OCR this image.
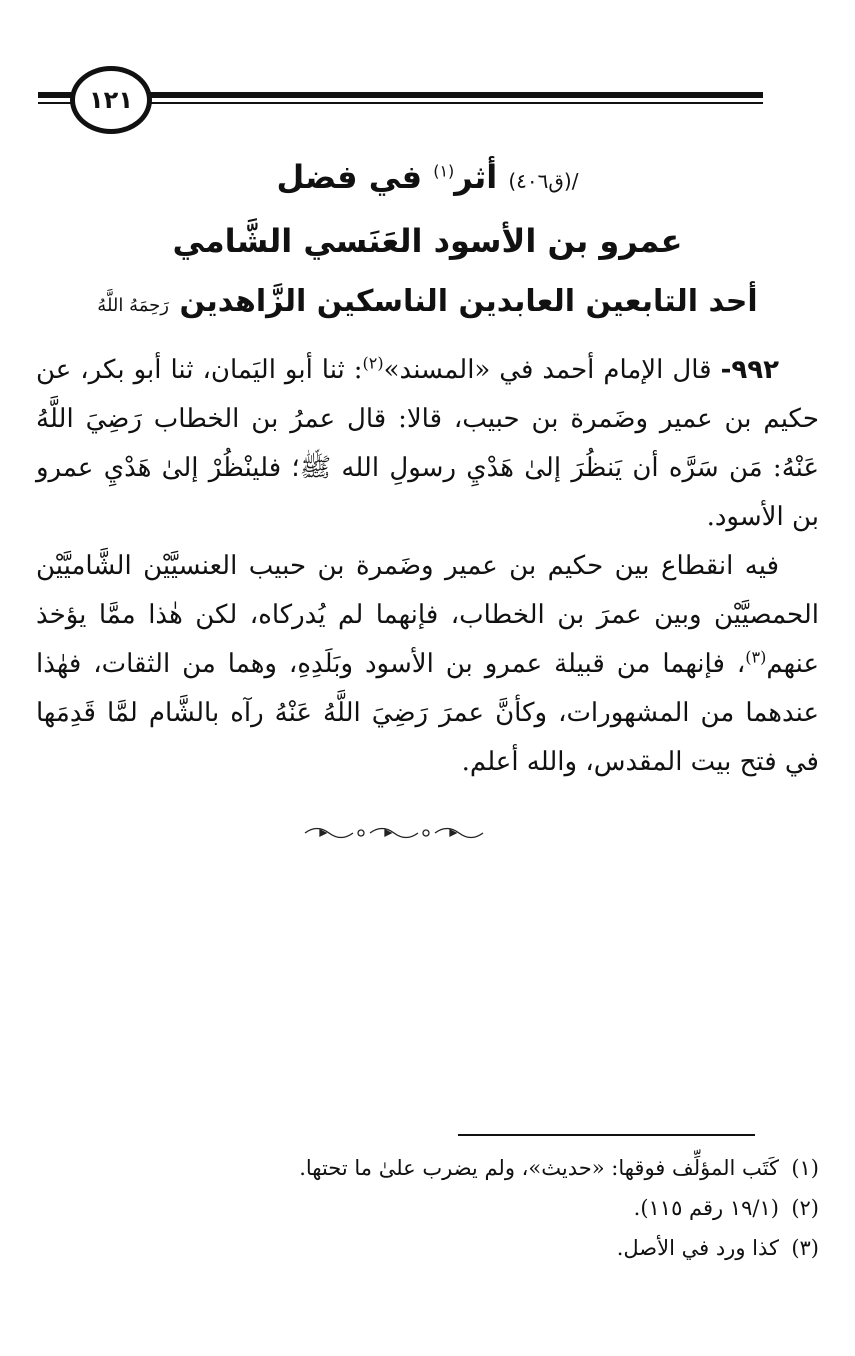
١٢١
/(ق٤٠٦) أثر$^{(١)}$ في فضل
عمرو بن الأسود العَنَسي الشَّامي
أحد التابعين العابدين الناسكين الزَّاهدين رَحِمَهُ اللَّهُ

٩٩٢- قال الإمام أحمد في «المسند»$^{(٢)}$: ثنا أبو اليَمان، ثنا أبو بكر، عن حكيم بن عمير وضَمرة بن حبيب، قالا: قال عمرُ بن الخطاب رَضِيَ اللَّهُ عَنْهُ: مَن سَرَّه أن يَنظُرَ إلىٰ هَدْيِ رسولِ الله ﷺ؛ فلينْظُرْ إلىٰ هَدْيِ عمرو بن الأسود.

فيه انقطاع بين حكيم بن عمير وضَمرة بن حبيب العنسيَّيْن الشَّاميَّيْن الحمصيَّيْن وبين عمرَ بن الخطاب، فإنهما لم يُدركاه، لكن هٰذا ممَّا يؤخذ عنهم$^{(٣)}$، فإنهما من قبيلة عمرو بن الأسود وبَلَدِهِ، وهما من الثقات، فهٰذا عندهما من المشهورات، وكأنَّ عمرَ رَضِيَ اللَّهُ عَنْهُ رآه بالشَّام لمَّا قَدِمَها في فتح بيت المقدس، والله أعلم.

(١)كَتَب المؤلِّف فوقها: «حديث»، ولم يضرب علىٰ ما تحتها.

(٢)(١٩/١ رقم ١١٥).

(٣)كذا ورد في الأصل.
